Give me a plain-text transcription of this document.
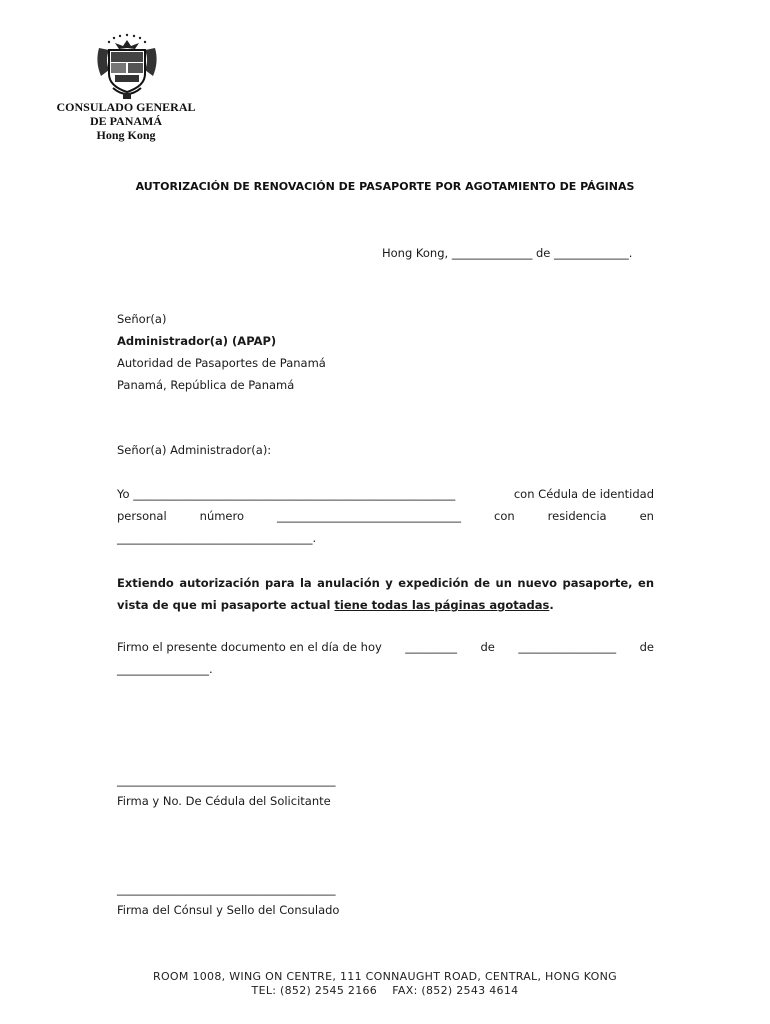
CONSULADO GENERAL
DE PANAMÁ
Hong Kong
AUTORIZACIÓN DE RENOVACIÓN DE PASAPORTE POR AGOTAMIENTO DE PÁGINAS
Hong Kong, ______________ de _____________.
Señor(a)
Administrador(a) (APAP)
Autoridad de Pasaportes de Panamá
Panamá, República de Panamá
Señor(a) Administrador(a):
Yo ________________________________________________________	con Cédula de identidad
personal	número	________________________________	con	residencia	en
__________________________________.
Extiendo autorización para la anulación y expedición de un nuevo pasaporte, en vista de que mi pasaporte actual tiene todas las páginas agotadas.
Firmo el presente documento en el día de hoy _________ de _________________ de
________________.
______________________________________
Firma y No. De Cédula del Solicitante
______________________________________
Firma del Cónsul y Sello del Consulado
ROOM 1008, WING ON CENTRE, 111 CONNAUGHT ROAD, CENTRAL, HONG KONG
TEL: (852) 2545 2166    FAX: (852) 2543 4614
